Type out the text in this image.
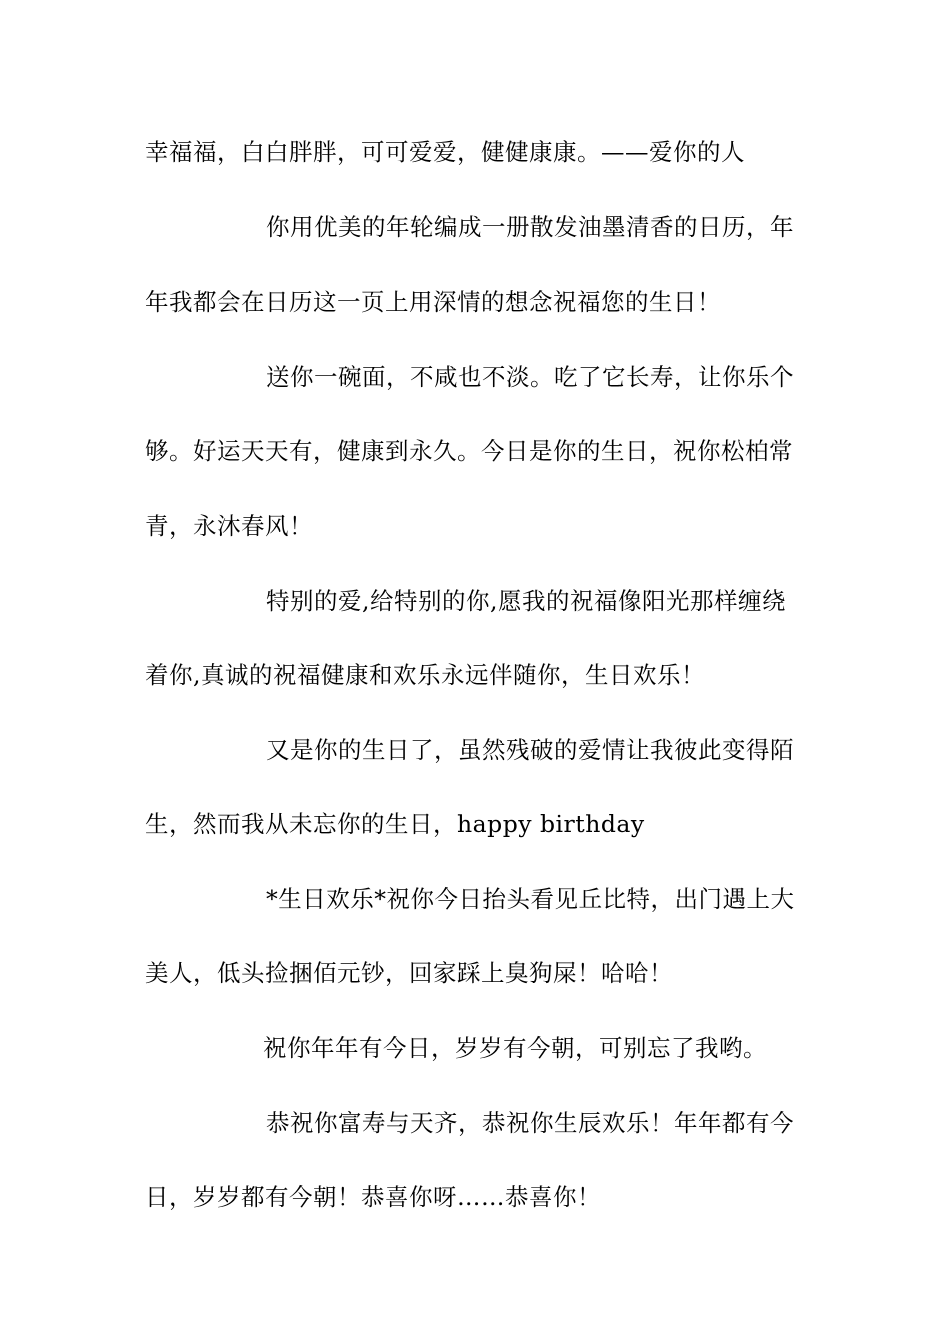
幸福福，白白胖胖，可可爱爱，健健康康。——爱你的人
你用优美的年轮编成一册散发油墨清香的日历，年
年我都会在日历这一页上用深情的想念祝福您的生日！
送你一碗面，不咸也不淡。吃了它长寿，让你乐个
够。好运天天有，健康到永久。今日是你的生日，祝你松柏常
青，永沐春风！
特别的爱,给特别的你,愿我的祝福像阳光那样缠绕
着你,真诚的祝福健康和欢乐永远伴随你，生日欢乐！
又是你的生日了，虽然残破的爱情让我彼此变得陌
生，然而我从未忘你的生日，happy birthday
*生日欢乐*祝你今日抬头看见丘比特，出门遇上大
美人，低头捡捆佰元钞，回家踩上臭狗屎！哈哈！
祝你年年有今日，岁岁有今朝，可别忘了我哟。
恭祝你富寿与天齐，恭祝你生辰欢乐！年年都有今
日，岁岁都有今朝！恭喜你呀……恭喜你！
